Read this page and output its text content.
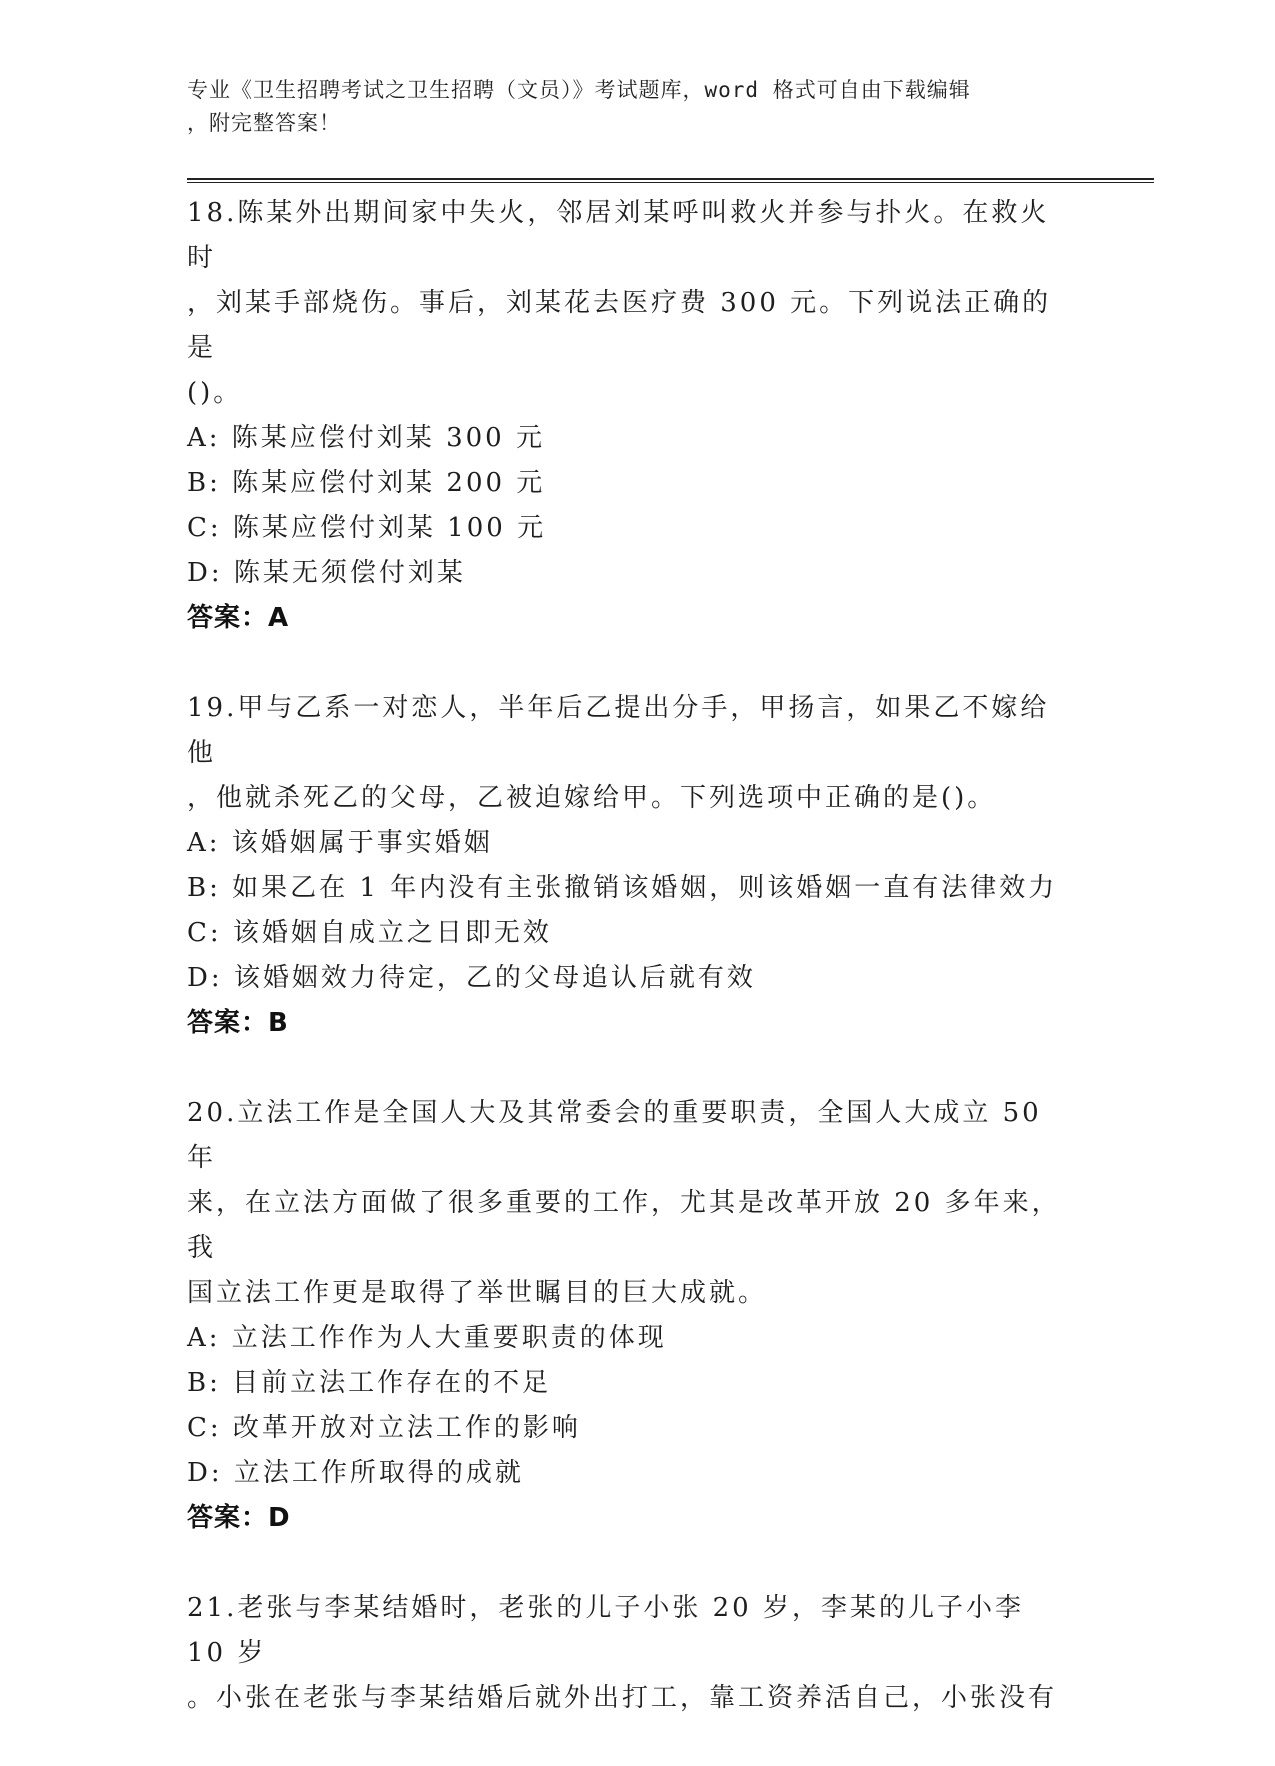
专业《卫生招聘考试之卫生招聘（文员）》考试题库，word 格式可自由下载编辑
，附完整答案！
18.陈某外出期间家中失火，邻居刘某呼叫救火并参与扑火。在救火时
，刘某手部烧伤。事后，刘某花去医疗费 300 元。下列说法正确的是
()。
A: 陈某应偿付刘某 300 元
B: 陈某应偿付刘某 200 元
C: 陈某应偿付刘某 100 元
D: 陈某无须偿付刘某
答案：A
19.甲与乙系一对恋人，半年后乙提出分手，甲扬言，如果乙不嫁给他
，他就杀死乙的父母，乙被迫嫁给甲。下列选项中正确的是()。
A: 该婚姻属于事实婚姻
B: 如果乙在 1 年内没有主张撤销该婚姻，则该婚姻一直有法律效力
C: 该婚姻自成立之日即无效
D: 该婚姻效力待定，乙的父母追认后就有效
答案：B
20.立法工作是全国人大及其常委会的重要职责，全国人大成立 50 年
来，在立法方面做了很多重要的工作，尤其是改革开放 20 多年来，我
国立法工作更是取得了举世瞩目的巨大成就。
A: 立法工作作为人大重要职责的体现
B: 目前立法工作存在的不足
C: 改革开放对立法工作的影响
D: 立法工作所取得的成就
答案：D
21.老张与李某结婚时，老张的儿子小张 20 岁，李某的儿子小李 10 岁
。小张在老张与李某结婚后就外出打工，靠工资养活自己，小张没有
